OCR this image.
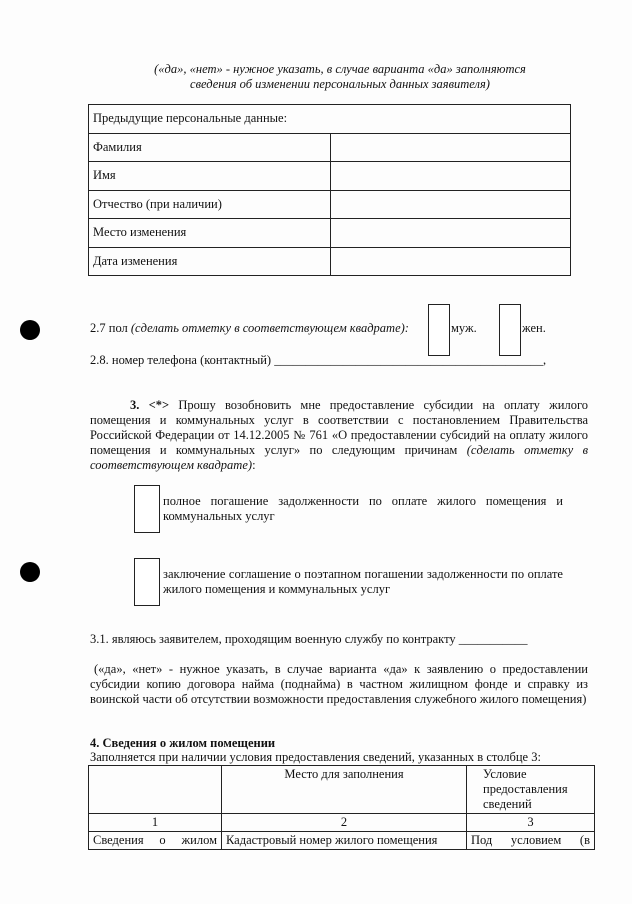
(«да», «нет» - нужное указать, в случае варианта «да» заполняются
сведения об изменении персональных данных заявителя)
Предыдущие персональные данные:	
Фамилия	
Имя	
Отчество (при наличии)	
Место изменения	
Дата изменения	
2.7 пол (сделать отметку в соответствующем квадрате):	муж.	жен.
2.8. номер телефона (контактный) ___________________________________________,
3. <*> Прошу возобновить мне предоставление субсидии на оплату жилого помещения и коммунальных услуг в соответствии с постановлением Правительства Российской Федерации от 14.12.2005 № 761 «О предоставлении субсидий на оплату жилого помещения и коммунальных услуг» по следующим причинам (сделать отметку в соответствующем квадрате):
полное погашение задолженности по оплате жилого помещения и коммунальных услуг
заключение соглашение о поэтапном погашении задолженности по оплате жилого помещения и коммунальных услуг
3.1. являюсь заявителем, проходящим военную службу по контракту ___________
(«да», «нет» - нужное указать, в случае варианта «да» к заявлению о предоставлении субсидии копию договора найма (поднайма) в частном жилищном фонде и справку из воинской части об отсутствии возможности предоставления служебного жилого помещения)
4. Сведения о жилом помещении
Заполняется при наличии условия предоставления сведений, указанных в столбце 3:
	Место для заполнения	Условие предоставления сведений
1	2	3
Сведения о жилом	Кадастровый номер жилого помещения	Под условием (в
